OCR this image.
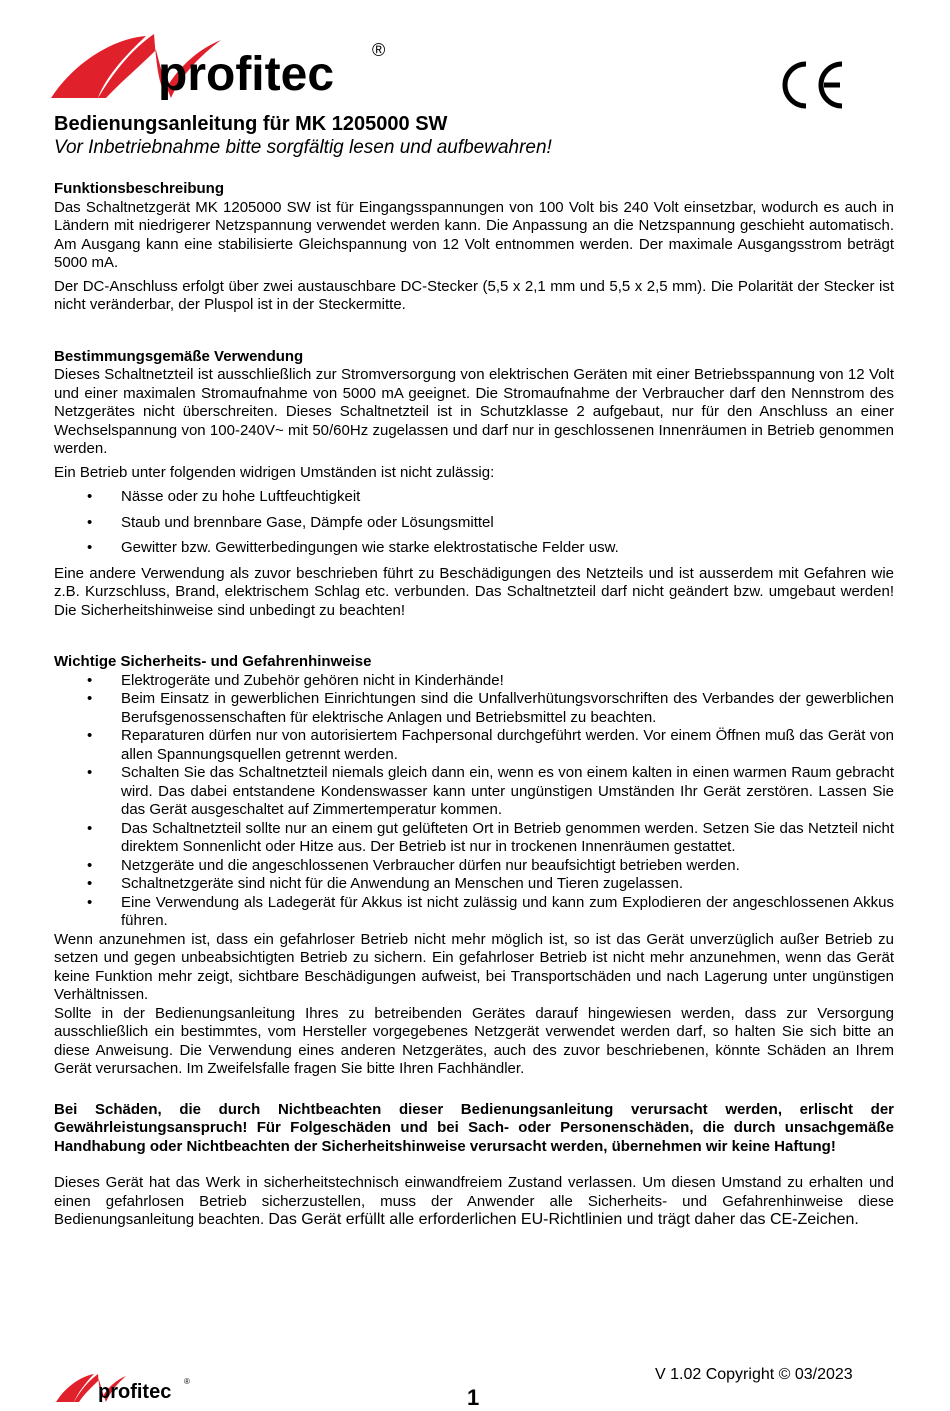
profitec ®
Bedienungsanleitung für MK 1205000 SW
Vor Inbetriebnahme bitte sorgfältig lesen und aufbewahren!
Funktionsbeschreibung

Das Schaltnetzgerät MK 1205000 SW ist für Eingangsspannungen von 100 Volt bis 240 Volt einsetzbar, wodurch es auch in Ländern mit niedrigerer Netzspannung verwendet werden kann. Die Anpassung an die Netzspannung geschieht automatisch. Am Ausgang kann eine stabilisierte Gleichspannung von 12 Volt entnommen werden. Der maximale Ausgangsstrom beträgt 5000 mA.

Der DC-Anschluss erfolgt über zwei austauschbare DC-Stecker (5,5 x 2,1 mm und 5,5 x 2,5 mm). Die Polarität der Stecker ist nicht veränderbar, der Pluspol ist in der Steckermitte.

Bestimmungsgemäße Verwendung

Dieses Schaltnetzteil ist ausschließlich zur Stromversorgung von elektrischen Geräten mit einer Betriebsspannung von 12 Volt und einer maximalen Stromaufnahme von 5000 mA geeignet. Die Stromaufnahme der Verbraucher darf den Nennstrom des Netzgerätes nicht überschreiten. Dieses Schaltnetzteil ist in Schutzklasse 2 aufgebaut, nur für den Anschluss an einer Wechselspannung von 100-240V~ mit 50/60Hz zugelassen und darf nur in geschlossenen Innenräumen in Betrieb genommen werden.

Ein Betrieb unter folgenden widrigen Umständen ist nicht zulässig:

• Nässe oder zu hohe Luftfeuchtigkeit
• Staub und brennbare Gase, Dämpfe oder Lösungsmittel
• Gewitter bzw. Gewitterbedingungen wie starke elektrostatische Felder usw.

Eine andere Verwendung als zuvor beschrieben führt zu Beschädigungen des Netzteils und ist ausserdem mit Gefahren wie z.B. Kurzschluss, Brand, elektrischem Schlag etc. verbunden. Das Schaltnetzteil darf nicht geändert bzw. umgebaut werden! Die Sicherheitshinweise sind unbedingt zu beachten!

Wichtige Sicherheits- und Gefahrenhinweise
• Elektrogeräte und Zubehör gehören nicht in Kinderhände!
• Beim Einsatz in gewerblichen Einrichtungen sind die Unfallverhütungsvorschriften des Verbandes der gewerblichen Berufsgenossenschaften für elektrische Anlagen und Betriebsmittel zu beachten.
• Reparaturen dürfen nur von autorisiertem Fachpersonal durchgeführt werden. Vor einem Öffnen muß das Gerät von allen Spannungsquellen getrennt werden.
• Schalten Sie das Schaltnetzteil niemals gleich dann ein, wenn es von einem kalten in einen warmen Raum gebracht wird. Das dabei entstandene Kondenswasser kann unter ungünstigen Umständen Ihr Gerät zerstören. Lassen Sie das Gerät ausgeschaltet auf Zimmertemperatur kommen.
• Das Schaltnetzteil sollte nur an einem gut gelüfteten Ort in Betrieb genommen werden. Setzen Sie das Netzteil nicht direktem Sonnenlicht oder Hitze aus. Der Betrieb ist nur in trockenen Innenräumen gestattet.
• Netzgeräte und die angeschlossenen Verbraucher dürfen nur beaufsichtigt betrieben werden.
• Schaltnetzgeräte sind nicht für die Anwendung an Menschen und Tieren zugelassen.
• Eine Verwendung als Ladegerät für Akkus ist nicht zulässig und kann zum Explodieren der angeschlossenen Akkus führen.

Wenn anzunehmen ist, dass ein gefahrloser Betrieb nicht mehr möglich ist, so ist das Gerät unverzüglich außer Betrieb zu setzen und gegen unbeabsichtigten Betrieb zu sichern. Ein gefahrloser Betrieb ist nicht mehr anzunehmen, wenn das Gerät keine Funktion mehr zeigt, sichtbare Beschädigungen aufweist, bei Transportschäden und nach Lagerung unter ungünstigen Verhältnissen.

Sollte in der Bedienungsanleitung Ihres zu betreibenden Gerätes darauf hingewiesen werden, dass zur Versorgung ausschließlich ein bestimmtes, vom Hersteller vorgegebenes Netzgerät verwendet werden darf, so halten Sie sich bitte an diese Anweisung. Die Verwendung eines anderen Netzgerätes, auch des zuvor beschriebenen, könnte Schäden an Ihrem Gerät verursachen. Im Zweifelsfalle fragen Sie bitte Ihren Fachhändler.

Bei Schäden, die durch Nichtbeachten dieser Bedienungsanleitung verursacht werden, erlischt der Gewährleistungsanspruch! Für Folgeschäden und bei Sach- oder Personenschäden, die durch unsachgemäße Handhabung oder Nichtbeachten der Sicherheitshinweise verursacht werden, übernehmen wir keine Haftung!

Dieses Gerät hat das Werk in sicherheitstechnisch einwandfreiem Zustand verlassen. Um diesen Umstand zu erhalten und einen gefahrlosen Betrieb sicherzustellen, muss der Anwender alle Sicherheits- und Gefahrenhinweise diese Bedienungsanleitung beachten. Das Gerät erfüllt alle erforderlichen EU-Richtlinien und trägt daher das CE-Zeichen.

profitec ®	V 1.02 Copyright © 03/2023
1
